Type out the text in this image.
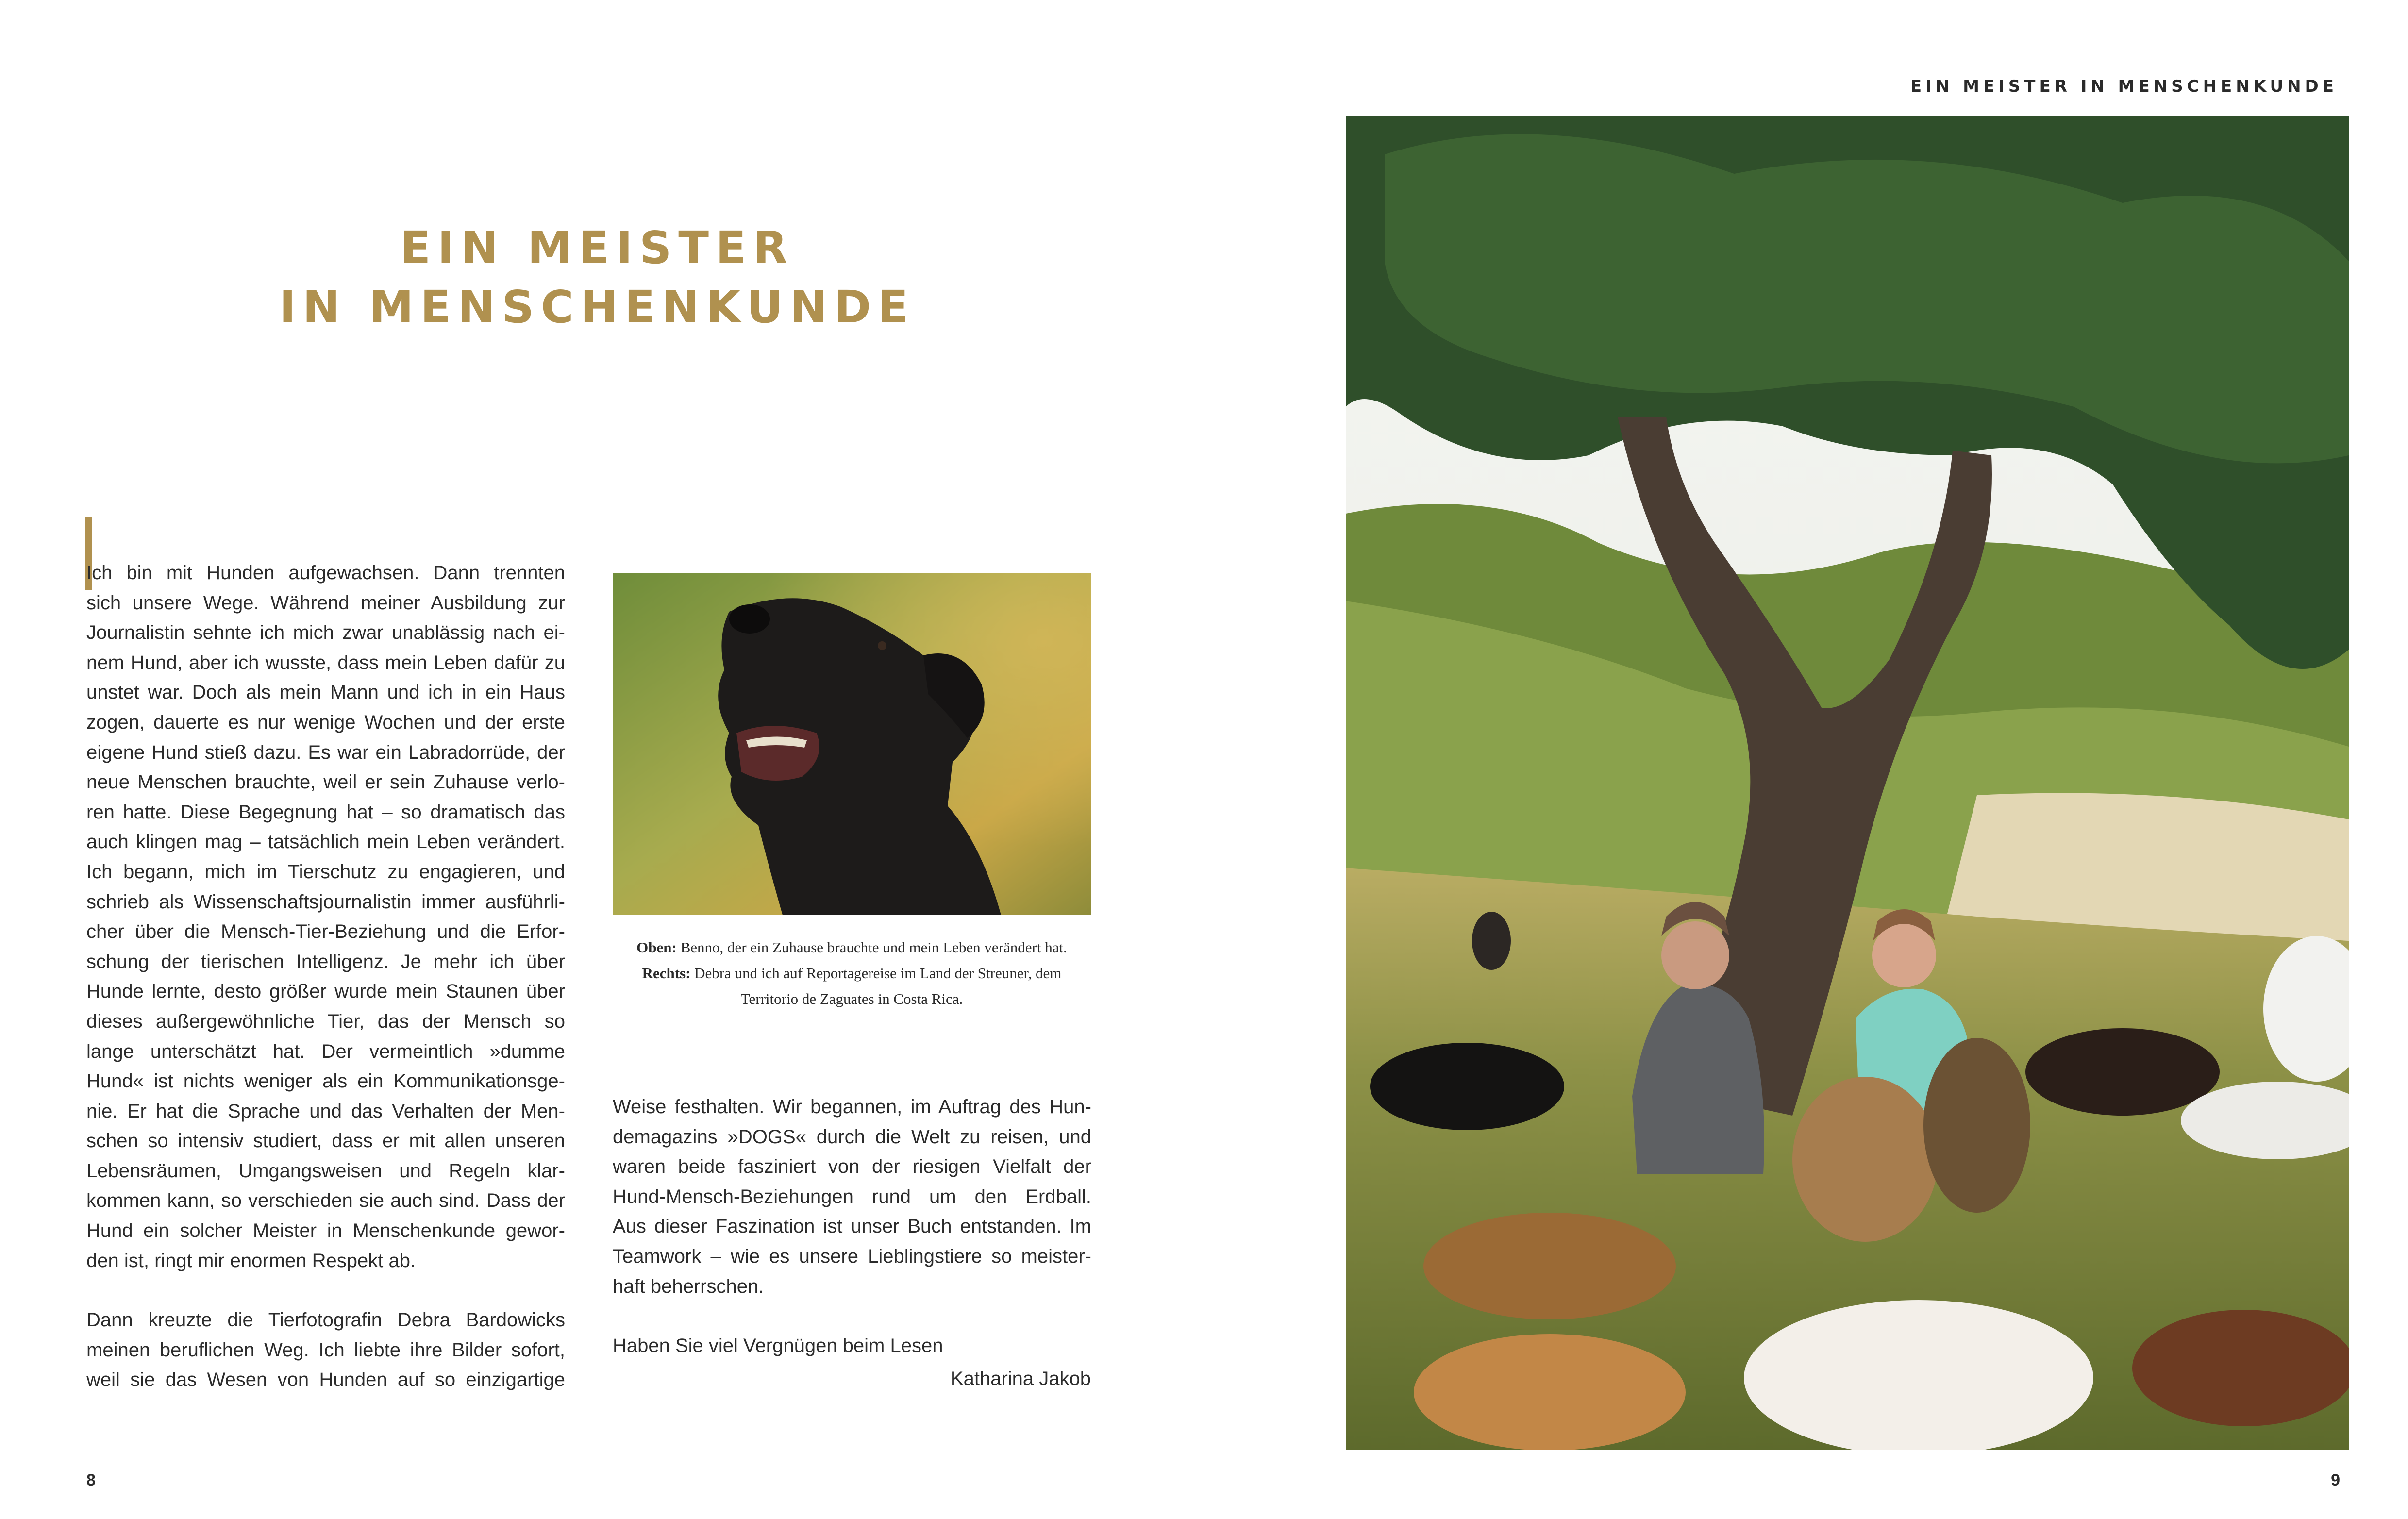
EIN MEISTER IN MENSCHENKUNDE
EIN MEISTER
IN MENSCHENKUNDE
Ich bin mit Hunden aufgewachsen. Dann trennten
sich unsere Wege. Während meiner Ausbildung zur
Journalistin sehnte ich mich zwar unablässig nach ei-
nem Hund, aber ich wusste, dass mein Leben dafür zu
unstet war. Doch als mein Mann und ich in ein Haus
zogen, dauerte es nur wenige Wochen und der erste
eigene Hund stieß dazu. Es war ein Labradorrüde, der
neue Menschen brauchte, weil er sein Zuhause verlo-
ren hatte. Diese Begegnung hat – so dramatisch das
auch klingen mag – tatsächlich mein Leben verändert.
Ich begann, mich im Tierschutz zu engagieren, und
schrieb als Wissenschaftsjournalistin immer ausführli-
cher über die Mensch-Tier-Beziehung und die Erfor-
schung der tierischen Intelligenz. Je mehr ich über
Hunde lernte, desto größer wurde mein Staunen über
dieses außergewöhnliche Tier, das der Mensch so
lange unterschätzt hat. Der vermeintlich »dumme
Hund« ist nichts weniger als ein Kommunikationsge-
nie. Er hat die Sprache und das Verhalten der Men-
schen so intensiv studiert, dass er mit allen unseren
Lebensräumen, Umgangsweisen und Regeln klar-
kommen kann, so verschieden sie auch sind. Dass der
Hund ein solcher Meister in Menschenkunde gewor-
den ist, ringt mir enormen Respekt ab.
Dann kreuzte die Tierfotografin Debra Bardowicks
meinen beruflichen Weg. Ich liebte ihre Bilder sofort,
weil sie das Wesen von Hunden auf so einzigartige
Oben: Benno, der ein Zuhause brauchte und mein Leben verändert hat. Rechts: Debra und ich auf Reportagereise im Land der Streuner, dem Territorio de Zaguates in Costa Rica.
Weise festhalten. Wir begannen, im Auftrag des Hun-
demagazins »DOGS« durch die Welt zu reisen, und
waren beide fasziniert von der riesigen Vielfalt der
Hund-Mensch-Beziehungen rund um den Erdball.
Aus dieser Faszination ist unser Buch entstanden. Im
Teamwork – wie es unsere Lieblingstiere so meister-
haft beherrschen.

Haben Sie viel Vergnügen beim Lesen

Katharina Jakob
8	9
